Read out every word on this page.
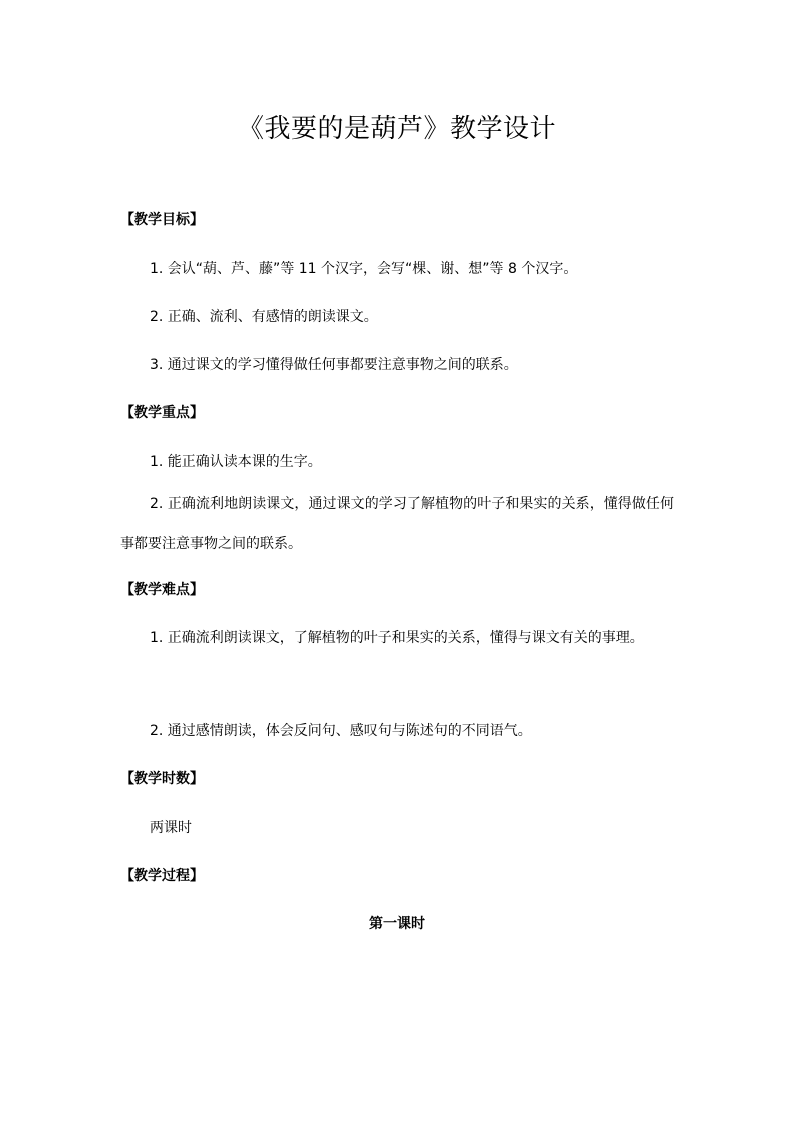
《我要的是葫芦》教学设计
【教学目标】
1. 会认“葫、芦、藤”等 11 个汉字，会写“棵、谢、想”等 8 个汉字。
2. 正确、流利、有感情的朗读课文。
3. 通过课文的学习懂得做任何事都要注意事物之间的联系。
【教学重点】
1. 能正确认读本课的生字。
2. 正确流利地朗读课文，通过课文的学习了解植物的叶子和果实的关系，懂得做任何事都要注意事物之间的联系。
【教学难点】
1. 正确流利朗读课文，了解植物的叶子和果实的关系，懂得与课文有关的事理。
2. 通过感情朗读，体会反问句、感叹句与陈述句的不同语气。
【教学时数】
两课时
【教学过程】
第一课时
